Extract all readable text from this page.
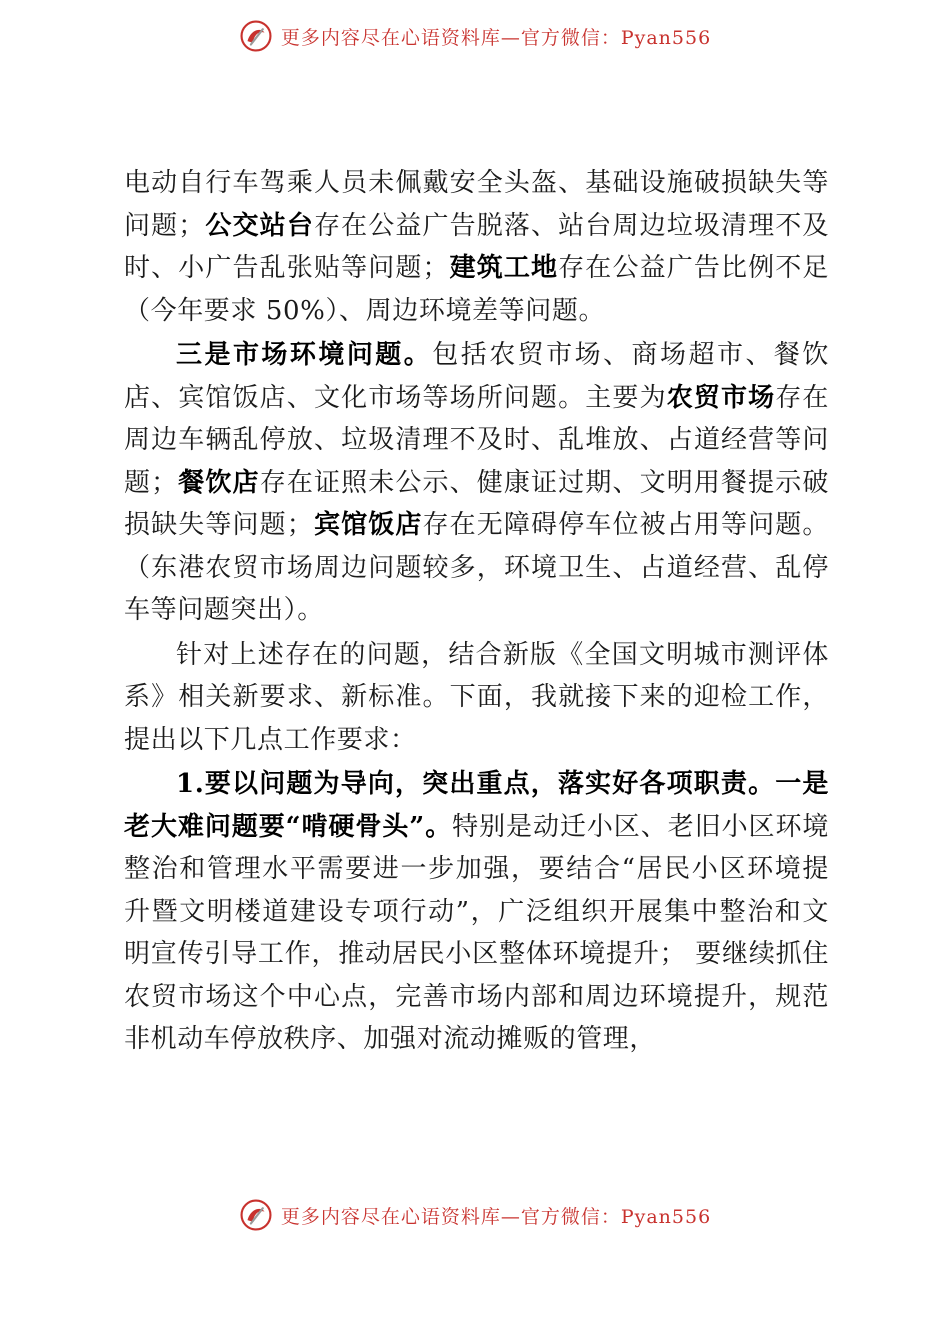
更多内容尽在心语资料库—官方微信：Pyan556

电动自行车驾乘人员未佩戴安全头盔、基础设施破损缺失等问题；公交站台存在公益广告脱落、站台周边垃圾清理不及时、小广告乱张贴等问题；建筑工地存在公益广告比例不足（今年要求 50%）、周边环境差等问题。

三是市场环境问题。包括农贸市场、商场超市、餐饮店、宾馆饭店、文化市场等场所问题。主要为农贸市场存在周边车辆乱停放、垃圾清理不及时、乱堆放、占道经营等问题；餐饮店存在证照未公示、健康证过期、文明用餐提示破损缺失等问题；宾馆饭店存在无障碍停车位被占用等问题。（东港农贸市场周边问题较多，环境卫生、占道经营、乱停车等问题突出）。

针对上述存在的问题，结合新版《全国文明城市测评体系》相关新要求、新标准。下面，我就接下来的迎检工作，提出以下几点工作要求：

1.要以问题为导向，突出重点，落实好各项职责。一是老大难问题要“啃硬骨头”。特别是动迁小区、老旧小区环境整治和管理水平需要进一步加强，要结合“居民小区环境提升暨文明楼道建设专项行动”，广泛组织开展集中整治和文明宣传引导工作，推动居民小区整体环境提升； 要继续抓住农贸市场这个中心点，完善市场内部和周边环境提升，规范非机动车停放秩序、加强对流动摊贩的管理，

更多内容尽在心语资料库—官方微信：Pyan556
